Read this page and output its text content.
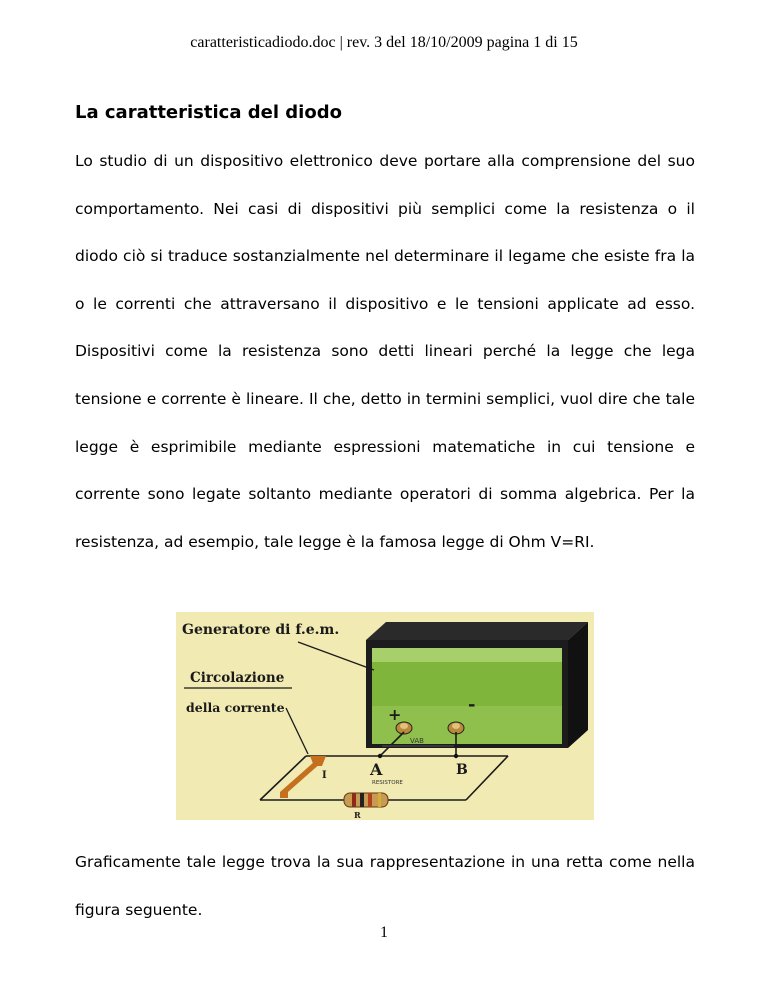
caratteristicadiodo.doc | rev. 3 del 18/10/2009 pagina 1 di 15
La caratteristica del diodo

Lo studio di un dispositivo elettronico deve portare alla comprensione del suo comportamento. Nei casi di dispositivi più semplici come la resistenza o il diodo ciò si traduce sostanzialmente nel determinare il legame che esiste fra la o le correnti che attraversano il dispositivo e le tensioni applicate ad esso. Dispositivi come la resistenza sono detti lineari perché la legge che lega tensione e corrente è lineare. Il che, detto in termini semplici, vuol dire che tale legge è esprimibile mediante espressioni matematiche in cui tensione e corrente sono legate soltanto mediante operatori di somma algebrica. Per la resistenza, ad esempio, tale legge è la famosa legge di Ohm V=RI.

+	-
VAB
RESISTORE
R
I	A	B
Generatore di f.e.m.
Circolazione
della corrente

Graficamente tale legge trova la sua rappresentazione in una retta come nella figura seguente.

1
